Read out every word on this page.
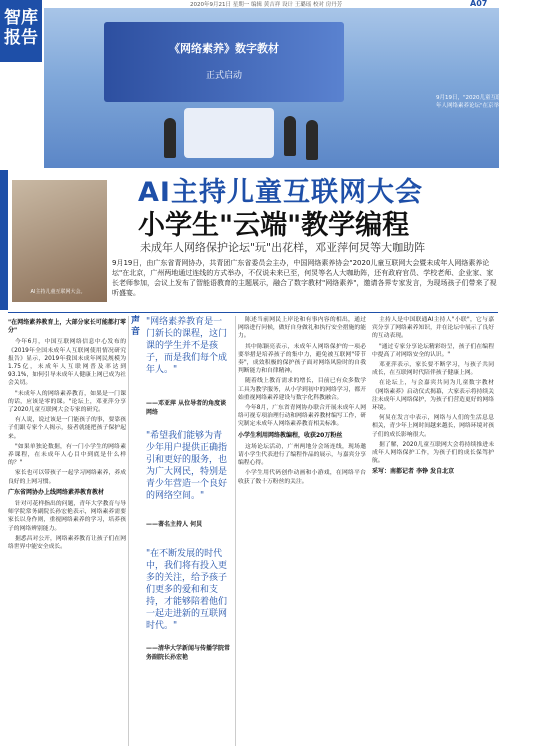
智库
报告
2020年9月21日 星期一 编辑 黄吉祥 设计 王璐瑶 校对 房丹芳	A07
《网络素养》数字教材
正式启动
9月19日，"2020儿童互联网大会暨未成年人网络素养论坛"在京举办。主办方供图
AI主持儿童互联网大会。
AI主持儿童互联网大会
小学生"云端"教学编程
未成年人网络保护论坛"玩"出花样，邓亚萍何炅等大咖助阵
9月19日，由广东省青网协办，共青团广东省委员会主办，中国网络素养协会"2020儿童互联网大会暨未成年人网络素养论坛"在北京，广州两地通过连线的方式举办，不仅说未来已至，何炅等名人大咖助阵，还有政府官员、学校老师、企业家、家长老师参加，会议上发布了智能语教育的主题展示，融合了数字教材"网络素养"，邀请各界专家发言，为现场孩子们带来了视听盛宴。
"在网络素养教育上，大部分家长可能都打零分"

今年6月，中国互联网络信息中心发布的《2019年全国未成年人互联网使用情况研究报告》显示，2019年我国未成年网民规模为1.75亿，未成年人互联网普及率达到93.1%，如何引导未成年人健康上网已成为社会关切。

"未成年人的网络素养教育，如果是一门课的话，应该是零的课。"论坛上，邓亚萍分享了2020儿童互联网大会专家的研究。

有人说，说过该是一门能孩子的事，要靠孩子们跟专家个人揭示，接者就能把孩子保护起来。

"如果单独论数据，有一门小学生的网络素养课程，在未成年人心目中到底是什么样的？"

家长也可以带孩子一起学习网络素养，养成良好的上网习惯。

广东省网协办上线网络素养教育教材

针对可花样指出的问题，青年大学教育与导师学院常务副院长孙宏艳表示，网络素养需要家长以身作则，重视网络素养的学习，培养孩子的网络辨别能力。

据悉昌对公开，网络素养教育让孩子们在网络世界中能安全成长。

声音
"网络素养教育是一门新长的课程，这门课的学生并不是孩子，而是我们每个成年人。"
——邓亚萍 从位导者的角度谈网络
"希望我们能够为青少年用户提供正确指引和更好的服务，也为广大网民，特别是青少年营造一个良好的网络空间。"
——著名主持人 何炅
"在不断发展的时代中，我们将有投入更多的关注，给予孩子们更多的爱和和支持，才能够陪着他们一起走进新的互联网时代。"
——清华大学新闻与传播学院常务副院长孙宏艳

陈述当前网民上岸论和有事内容的相出，通过网络进行问候，做好自身做礼和执行安全措施的能力。

其中陈颖亮表示，未成年人网络保护的一项必要举措是培养孩子的集中力，避免被互联网"带节奏"，成效积极的保护孩子面对网络风险时的自我判断能力和自律精神。

随着线上教育需求的增长，目前已有众多数学工具为教学服务，从小学到初中的网络学习，都开始重视网络素养建设与数字化科教融合。

今年8月，广东省青网协办联合开展未成年人网络可视专项治理行动和网络素养教材编写工作，研究制定未成年人网络素养教育相关标准。

小学生利用网络教编程，收获20万粉丝

这场论坛活动，广州两地分会场连线，现场邀请小学生代表进行了编程作品的展示，与嘉宾分享编程心得。

小学生用代码创作动画和小游戏，在网络平台收获了数十万粉丝的关注。

主持人是中国联通AI主持人"小联"，它与嘉宾分享了网络素养知识，并在论坛中展示了良好的互动表现。

"通过专家分享论坛精彩纷呈，孩子们在编程中提高了对网络安全的认识。"

邓亚萍表示，家长要不断学习，与孩子共同成长，在互联网时代陪伴孩子健康上网。

在论坛上，与会嘉宾共同为儿童数字教材《网络素养》启动仪式揭幕，大家表示将持续关注未成年人网络保护，为孩子们营造更好的网络环境。

何炅在发言中表示，网络与人们的生活息息相关，青少年上网时间越来越长，网络环境对孩子们的成长影响很大。

据了解，2020儿童互联网大会将持续推进未成年人网络保护工作，为孩子们的成长保驾护航。

采写：南都记者 李铮 发自北京
